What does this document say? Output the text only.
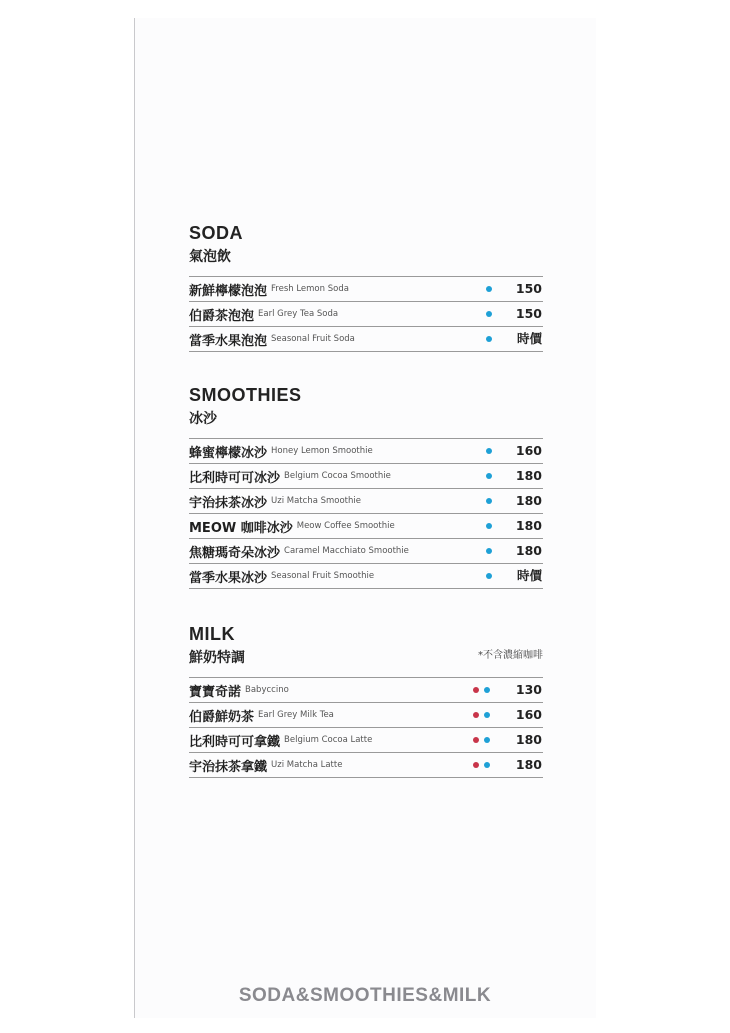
SODA
氣泡飲
新鮮檸檬泡泡 Fresh Lemon Soda	150
伯爵茶泡泡 Earl Grey Tea Soda	150
當季水果泡泡 Seasonal Fruit Soda	時價
SMOOTHIES
冰沙
蜂蜜檸檬冰沙 Honey Lemon Smoothie	160
比利時可可冰沙 Belgium Cocoa Smoothie	180
宇治抹茶冰沙 Uzi Matcha Smoothie	180
MEOW 咖啡冰沙 Meow Coffee Smoothie	180
焦糖瑪奇朵冰沙 Caramel Macchiato Smoothie	180
當季水果冰沙 Seasonal Fruit Smoothie	時價
MILK
鮮奶特調	*不含濃縮咖啡
寶寶奇諾 Babyccino	130
伯爵鮮奶茶 Earl Grey Milk Tea	160
比利時可可拿鐵 Belgium Cocoa Latte	180
宇治抹茶拿鐵 Uzi Matcha Latte	180
SODA&SMOOTHIES&MILK
